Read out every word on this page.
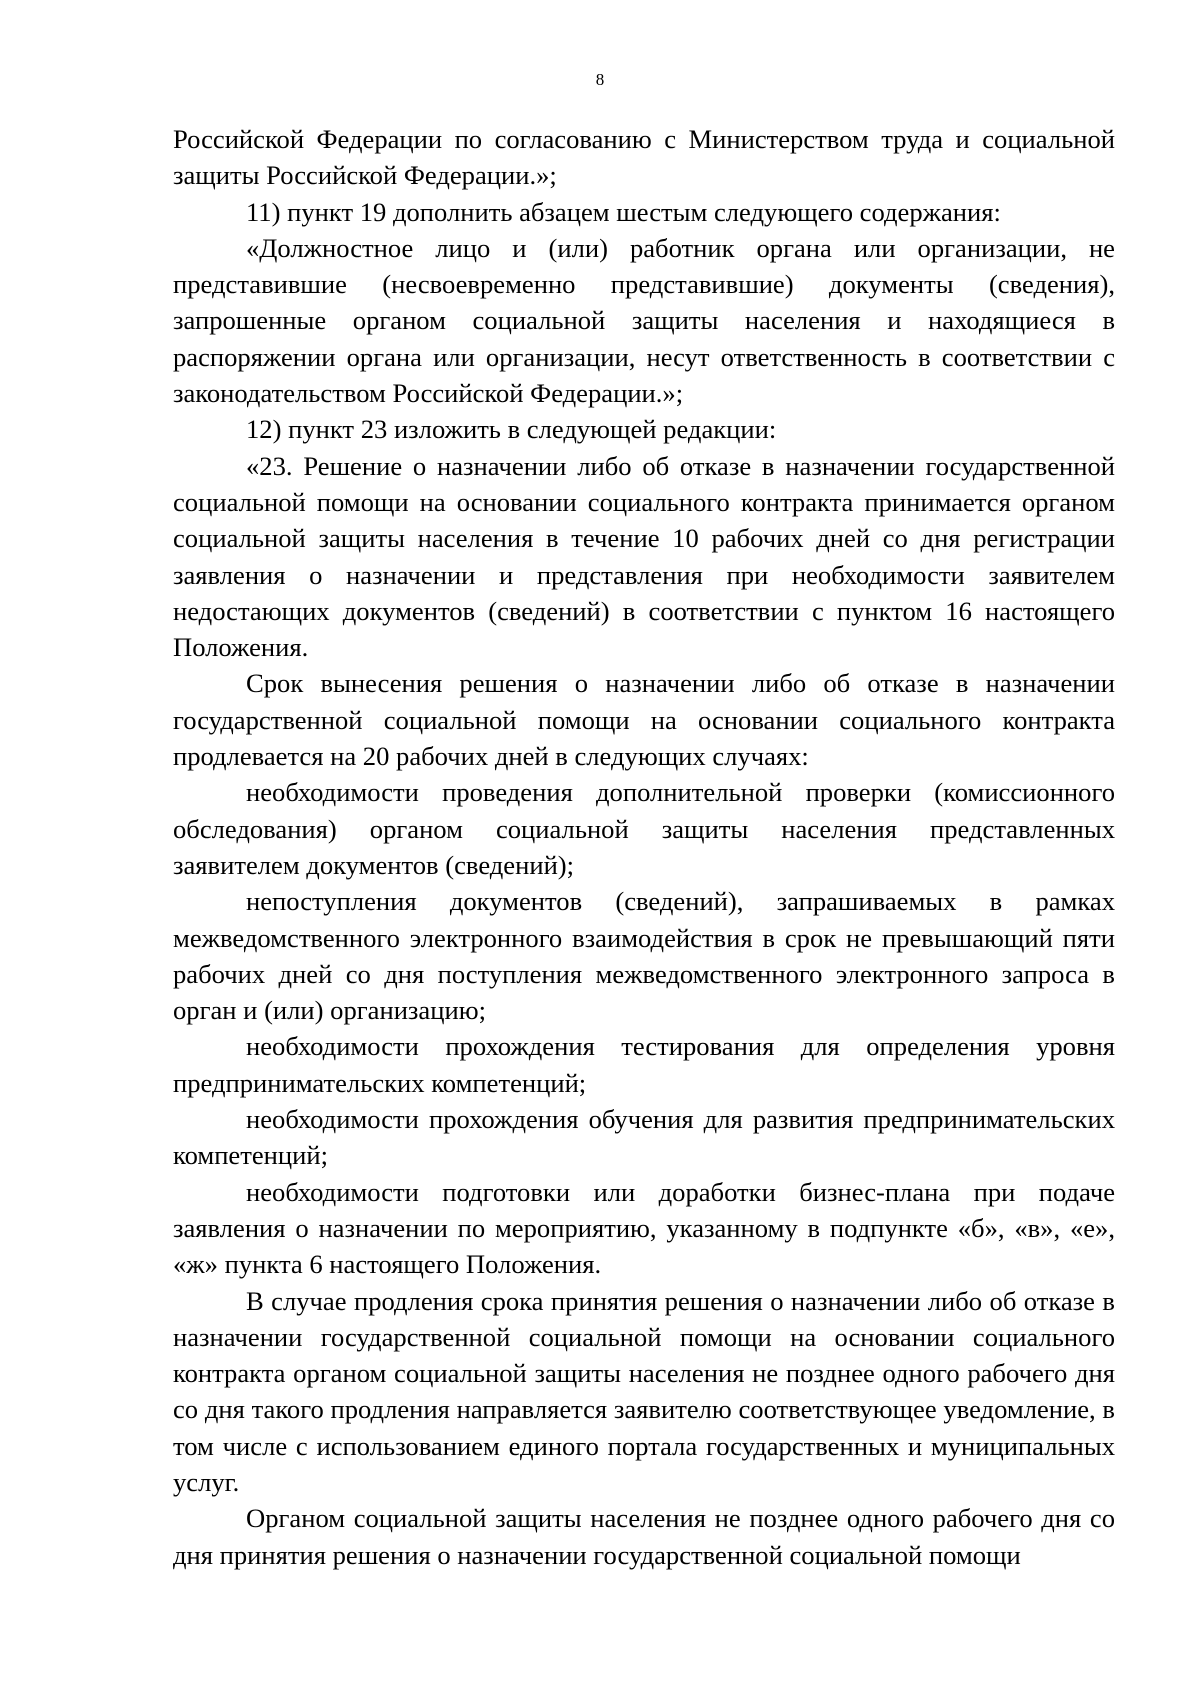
8

Российской Федерации по согласованию с Министерством труда и социальной защиты Российской Федерации.»;

11) пункт 19 дополнить абзацем шестым следующего содержания:

«Должностное лицо и (или) работник органа или организации, не представившие (несвоевременно представившие) документы (сведения), запрошенные органом социальной защиты населения и находящиеся в распоряжении органа или организации, несут ответственность в соответствии с законодательством Российской Федерации.»;

12) пункт 23 изложить в следующей редакции:

«23. Решение о назначении либо об отказе в назначении государственной социальной помощи на основании социального контракта принимается органом социальной защиты населения в течение 10 рабочих дней со дня регистрации заявления о назначении и представления при необходимости заявителем недостающих документов (сведений) в соответствии с пунктом 16 настоящего Положения.

Срок вынесения решения о назначении либо об отказе в назначении государственной социальной помощи на основании социального контракта продлевается на 20 рабочих дней в следующих случаях:

необходимости проведения дополнительной проверки (комиссионного обследования) органом социальной защиты населения представленных заявителем документов (сведений);

непоступления документов (сведений), запрашиваемых в рамках межведомственного электронного взаимодействия в срок не превышающий пяти рабочих дней со дня поступления межведомственного электронного запроса в орган и (или) организацию;

необходимости прохождения тестирования для определения уровня предпринимательских компетенций;

необходимости прохождения обучения для развития предпринимательских компетенций;

необходимости подготовки или доработки бизнес-плана при подаче заявления о назначении по мероприятию, указанному в подпункте «б», «в», «е», «ж» пункта 6 настоящего Положения.

В случае продления срока принятия решения о назначении либо об отказе в назначении государственной социальной помощи на основании социального контракта органом социальной защиты населения не позднее одного рабочего дня со дня такого продления направляется заявителю соответствующее уведомление, в том числе с использованием единого портала государственных и муниципальных услуг.

Органом социальной защиты населения не позднее одного рабочего дня со дня принятия решения о назначении государственной социальной помощи
